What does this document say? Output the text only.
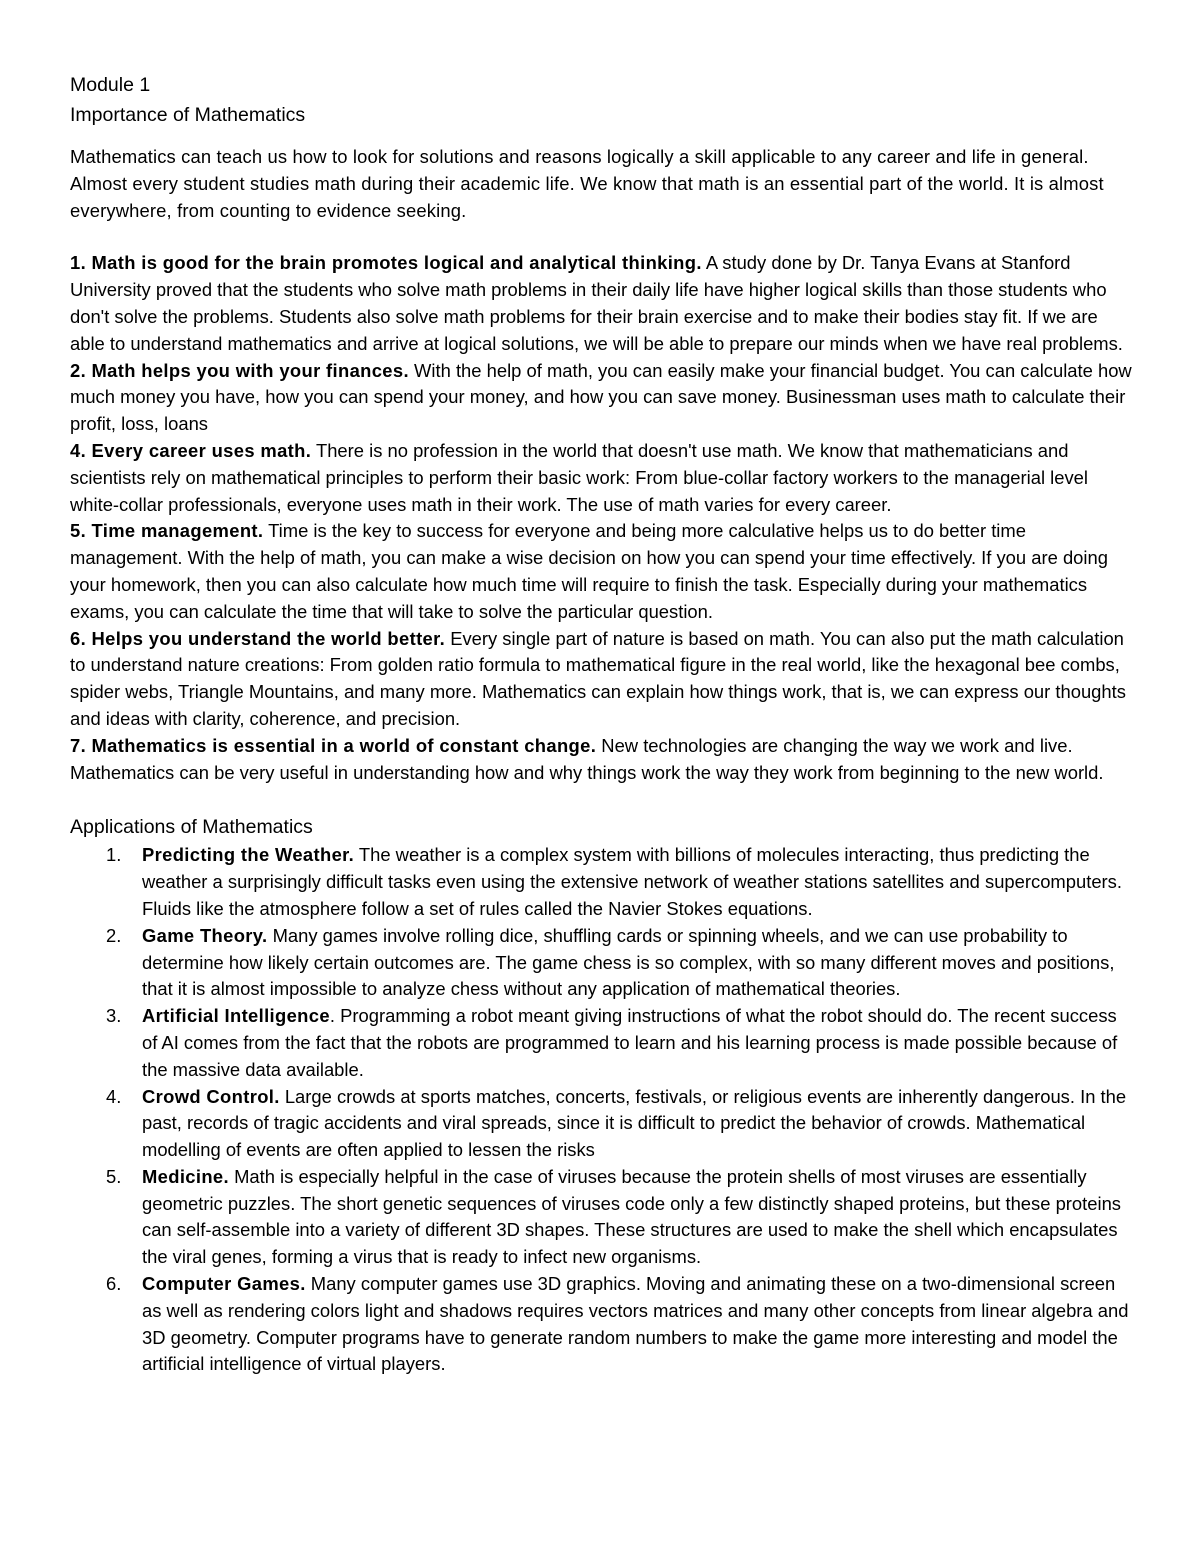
Module 1

Importance of Mathematics

Mathematics can teach us how to look for solutions and reasons logically a skill applicable to any career and life in general. Almost every student studies math during their academic life. We know that math is an essential part of the world. It is almost everywhere, from counting to evidence seeking.

1. Math is good for the brain promotes logical and analytical thinking. A study done by Dr. Tanya Evans at Stanford University proved that the students who solve math problems in their daily life have higher logical skills than those students who don't solve the problems. Students also solve math problems for their brain exercise and to make their bodies stay fit. If we are able to understand mathematics and arrive at logical solutions, we will be able to prepare our minds when we have real problems.

2. Math helps you with your finances. With the help of math, you can easily make your financial budget. You can calculate how much money you have, how you can spend your money, and how you can save money. Businessman uses math to calculate their profit, loss, loans

4. Every career uses math. There is no profession in the world that doesn't use math. We know that mathematicians and scientists rely on mathematical principles to perform their basic work: From blue-collar factory workers to the managerial level white-collar professionals, everyone uses math in their work. The use of math varies for every career.

5. Time management. Time is the key to success for everyone and being more calculative helps us to do better time management. With the help of math, you can make a wise decision on how you can spend your time effectively. If you are doing your homework, then you can also calculate how much time will require to finish the task. Especially during your mathematics exams, you can calculate the time that will take to solve the particular question.

6. Helps you understand the world better. Every single part of nature is based on math. You can also put the math calculation to understand nature creations: From golden ratio formula to mathematical figure in the real world, like the hexagonal bee combs, spider webs, Triangle Mountains, and many more. Mathematics can explain how things work, that is, we can express our thoughts and ideas with clarity, coherence, and precision.

7. Mathematics is essential in a world of constant change. New technologies are changing the way we work and live. Mathematics can be very useful in understanding how and why things work the way they work from beginning to the new world.

Applications of Mathematics

1. Predicting the Weather. The weather is a complex system with billions of molecules interacting, thus predicting the weather a surprisingly difficult tasks even using the extensive network of weather stations satellites and supercomputers. Fluids like the atmosphere follow a set of rules called the Navier Stokes equations.
2. Game Theory. Many games involve rolling dice, shuffling cards or spinning wheels, and we can use probability to determine how likely certain outcomes are. The game chess is so complex, with so many different moves and positions, that it is almost impossible to analyze chess without any application of mathematical theories.
3. Artificial Intelligence. Programming a robot meant giving instructions of what the robot should do. The recent success of AI comes from the fact that the robots are programmed to learn and his learning process is made possible because of the massive data available.
4. Crowd Control. Large crowds at sports matches, concerts, festivals, or religious events are inherently dangerous. In the past, records of tragic accidents and viral spreads, since it is difficult to predict the behavior of crowds. Mathematical modelling of events are often applied to lessen the risks
5. Medicine. Math is especially helpful in the case of viruses because the protein shells of most viruses are essentially geometric puzzles. The short genetic sequences of viruses code only a few distinctly shaped proteins, but these proteins can self-assemble into a variety of different 3D shapes. These structures are used to make the shell which encapsulates the viral genes, forming a virus that is ready to infect new organisms.
6. Computer Games. Many computer games use 3D graphics. Moving and animating these on a two-dimensional screen as well as rendering colors light and shadows requires vectors matrices and many other concepts from linear algebra and 3D geometry. Computer programs have to generate random numbers to make the game more interesting and model the artificial intelligence of virtual players.
